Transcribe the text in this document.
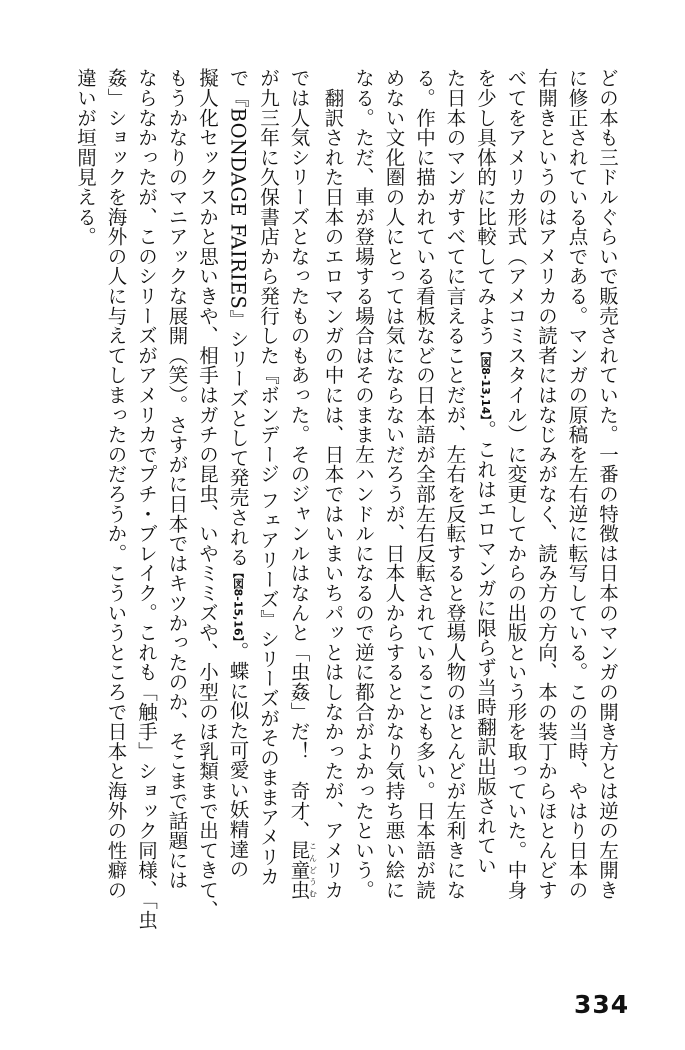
どの本も三ドルぐらいで販売されていた。一番の特徴は日本のマンガの開き方とは逆の左開き
に修正されている点である。マンガの原稿を左右逆に転写している。この当時、やはり日本の
右開きというのはアメリカの読者にはなじみがなく、読み方の方向、本の装丁からほとんどす
べてをアメリカ形式（アメコミスタイル）に変更してからの出版という形を取っていた。中身
を少し具体的に比較してみよう【図8-13,14】。これはエロマンガに限らず当時翻訳出版されてい
た日本のマンガすべてに言えることだが、左右を反転すると登場人物のほとんどが左利きにな
る。作中に描かれている看板などの日本語が全部左右反転されていることも多い。日本語が読
めない文化圏の人にとっては気にならないだろうが、日本人からするとかなり気持ち悪い絵に
なる。ただ、車が登場する場合はそのまま左ハンドルになるので逆に都合がよかったという。
　翻訳された日本のエロマンガの中には、日本ではいまいちパッとはしなかったが、アメリカ
では人気シリーズとなったものもあった。そのジャンルはなんと「虫姦」だ！　奇才、昆童虫こんどうむ
が九三年に久保書店から発行した『ボンデージ フェアリーズ』シリーズがそのままアメリカ
で『BONDAGE FAIRIES』シリーズとして発売される【図8-15,16】。蝶に似た可愛い妖精達の
擬人化セックスかと思いきや、相手はガチの昆虫、いやミミズや、小型のほ乳類まで出てきて、
もうかなりのマニアックな展開（笑）。さすがに日本ではキツかったのか、そこまで話題には
ならなかったが、このシリーズがアメリカでプチ・ブレイク。これも「触手」ショック同様、「虫
姦」ショックを海外の人に与えてしまったのだろうか。こういうところで日本と海外の性癖の
違いが垣間見える。
334
